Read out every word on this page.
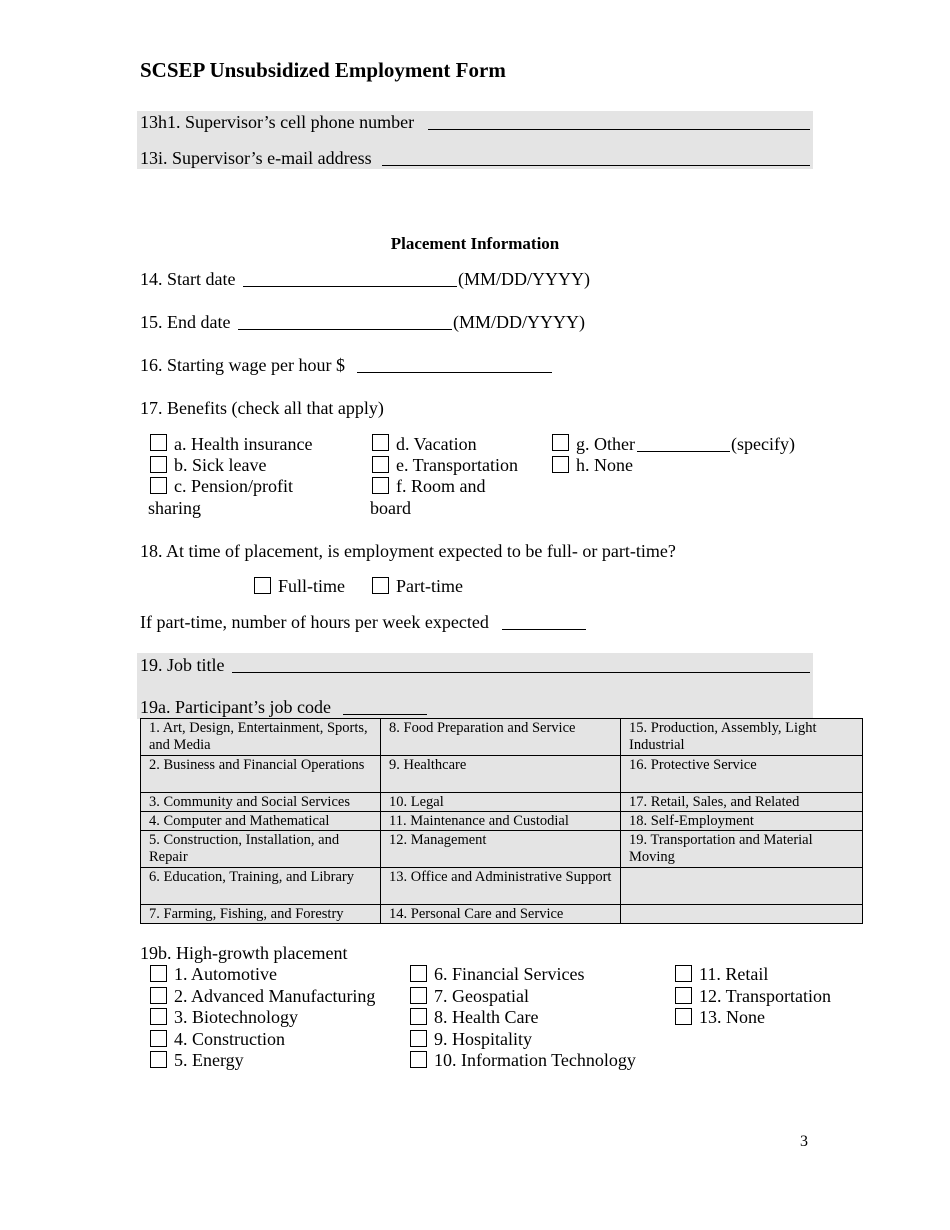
SCSEP Unsubsidized Employment Form
13h1. Supervisor’s cell phone number
13i. Supervisor’s e-mail address
Placement Information
14. Start date	(MM/DD/YYYY)
15. End date	(MM/DD/YYYY)
16. Starting wage per hour $
17. Benefits (check all that apply)
a. Health insurance
b. Sick leave
c. Pension/profit
sharing
d. Vacation
e. Transportation
f. Room and
board
g. Other	(specify)
h. None
18. At time of placement, is employment expected to be full- or part-time?
Full-time	Part-time
If part-time, number of hours per week expected
19. Job title
19a. Participant’s job code
1. Art, Design, Entertainment, Sports, and Media	8. Food Preparation and Service	15. Production, Assembly, Light Industrial
2. Business and Financial Operations	9. Healthcare	16. Protective Service
3. Community and Social Services	10. Legal	17. Retail, Sales, and Related
4. Computer and Mathematical	11. Maintenance and Custodial	18. Self-Employment
5. Construction, Installation, and Repair	12. Management	19. Transportation and Material Moving
6. Education, Training, and Library	13. Office and Administrative Support	
7. Farming, Fishing, and Forestry	14. Personal Care and Service	
19b. High-growth placement
1. Automotive
2. Advanced Manufacturing
3. Biotechnology
4. Construction
5. Energy
6. Financial Services
7. Geospatial
8. Health Care
9. Hospitality
10. Information Technology
11. Retail
12. Transportation
13. None
3
